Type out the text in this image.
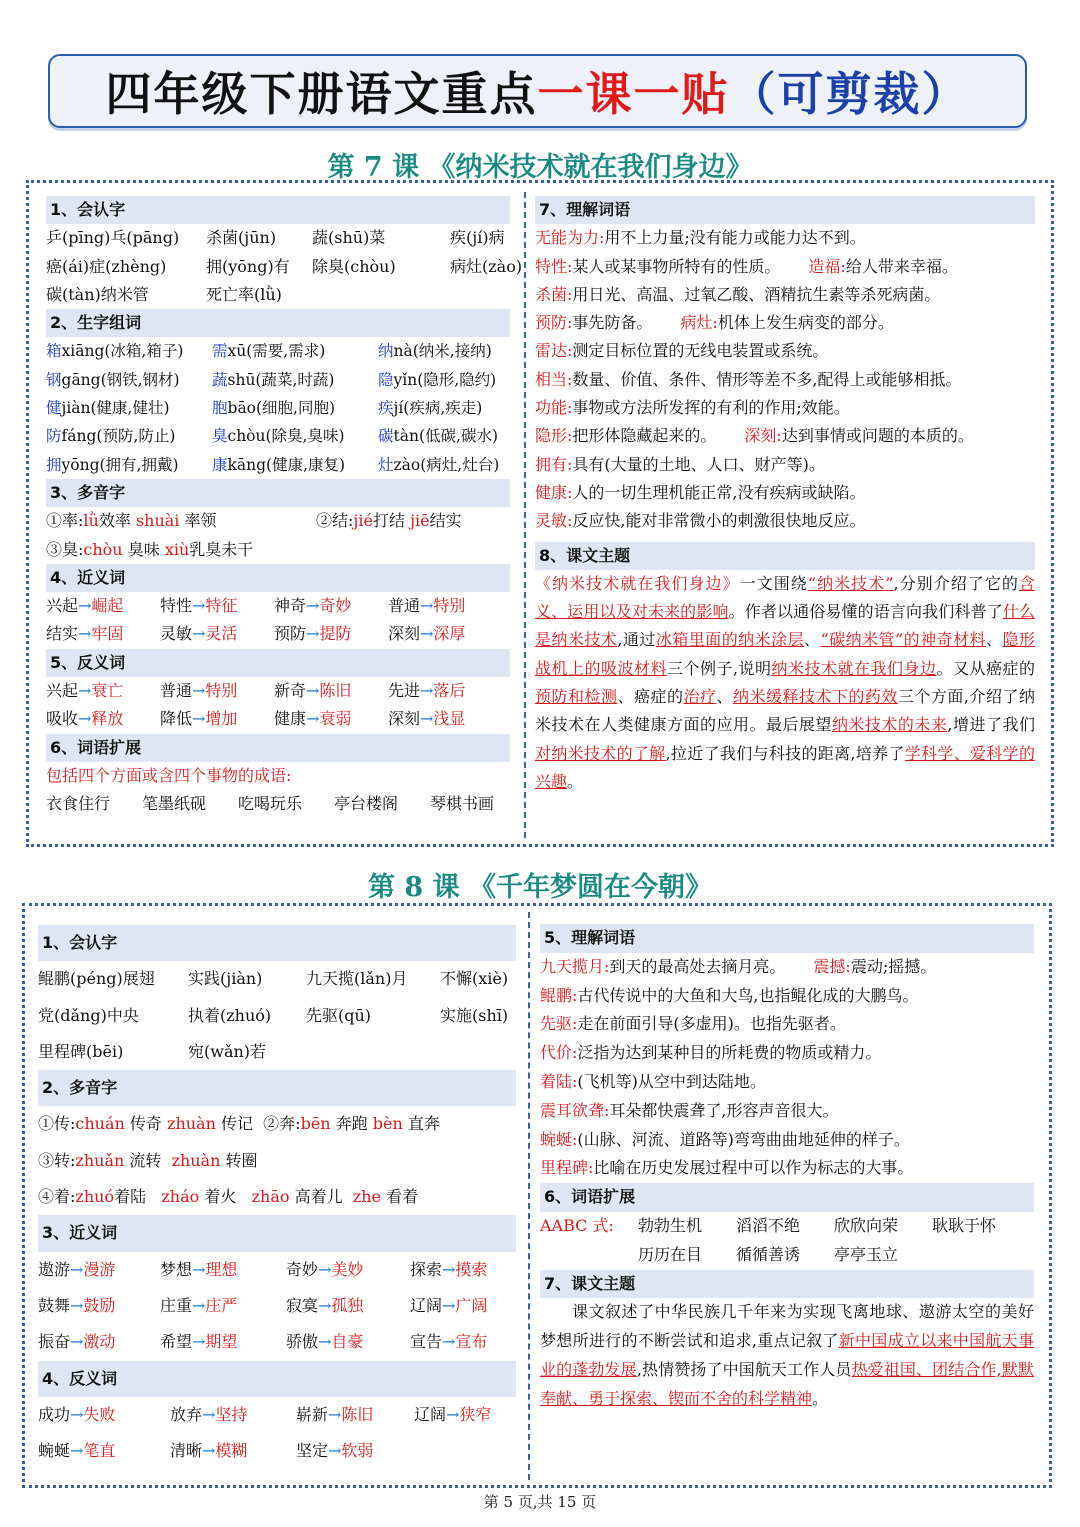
四年级下册语文重点 一课一贴 （可剪裁）
第 7 课 《纳米技术就在我们身边》
1、会认字
乒(pīng)乓(pāng)	杀菌(jūn)	蔬(shū)菜	疾(jí)病
癌(ái)症(zhèng)	拥(yōng)有	除臭(chòu)	病灶(zào)
碳(tàn)纳米管	死亡率(lǜ)
2、生字组词
箱xiāng(冰箱,箱子)	需xū(需要,需求)	纳nà(纳米,接纳)
钢gāng(钢铁,钢材)	蔬shū(蔬菜,时蔬)	隐yǐn(隐形,隐约)
健jiàn(健康,健壮)	胞bāo(细胞,同胞)	疾jí(疾病,疾走)
防fáng(预防,防止)	臭chòu(除臭,臭味)	碳tàn(低碳,碳水)
拥yōng(拥有,拥戴)	康kāng(健康,康复)	灶zào(病灶,灶台)
3、多音字
①率:lǜ效率 shuài 率领	②结:jié打结 jiē结实
③臭:chòu 臭味 xiù乳臭未干
4、近义词
兴起→崛起	特性→特征	神奇→奇妙	普通→特别
结实→牢固	灵敏→灵活	预防→提防	深刻→深厚
5、反义词
兴起→衰亡	普通→特别	新奇→陈旧	先进→落后
吸收→释放	降低→增加	健康→衰弱	深刻→浅显
6、词语扩展
包括四个方面或含四个事物的成语:
衣食住行	笔墨纸砚	吃喝玩乐	亭台楼阁	琴棋书画
7、理解词语
无能为力: 用不上力量;没有能力或能力达不到。
特性: 某人或某事物所特有的性质。 造福: 给人带来幸福。
杀菌: 用日光、高温、过氧乙酸、酒精抗生素等杀死病菌。
预防: 事先防备。 病灶: 机体上发生病变的部分。
雷达: 测定目标位置的无线电装置或系统。
相当: 数量、价值、条件、情形等差不多,配得上或能够相抵。
功能: 事物或方法所发挥的有利的作用;效能。
隐形: 把形体隐藏起来的。 深刻: 达到事情或问题的本质的。
拥有: 具有(大量的土地、人口、财产等)。
健康: 人的一切生理机能正常,没有疾病或缺陷。
灵敏: 反应快,能对非常微小的刺激很快地反应。
8、课文主题
《纳米技术就在我们身边》一文围绕“纳米技术”,分别介绍了它的含义、运用以及对未来的影响。作者以通俗易懂的语言向我们科普了什么是纳米技术,通过冰箱里面的纳米涂层、“碳纳米管”的神奇材料、隐形战机上的吸波材料三个例子,说明纳米技术就在我们身边。又从癌症的预防和检测、癌症的治疗、纳米缓释技术下的药效三个方面,介绍了纳米技术在人类健康方面的应用。最后展望纳米技术的未来,增进了我们对纳米技术的了解,拉近了我们与科技的距离,培养了学科学、爱科学的兴趣。
第 8 课 《千年梦圆在今朝》
1、会认字
鲲鹏(péng)展翅	实践(jiàn)	九天揽(lǎn)月	不懈(xiè)
党(dǎng)中央	执着(zhuó)	先驱(qū)	实施(shī)
里程碑(bēi)	宛(wǎn)若
2、多音字
①传: chuán 传奇 zhuàn 传记 ②奔: bēn 奔跑 bèn 直奔
③转: zhuǎn 流转 zhuàn 转圈
④着: zhuó 着陆 zháo 着火 zhāo 高着儿 zhe 看着
3、近义词
遨游→漫游	梦想→理想	奇妙→美妙	探索→摸索
鼓舞→鼓励	庄重→庄严	寂寞→孤独	辽阔→广阔
振奋→激动	希望→期望	骄傲→自豪	宣告→宣布
4、反义词
成功→失败	放弃→坚持	崭新→陈旧	辽阔→狭窄
蜿蜒→笔直	清晰→模糊	坚定→软弱
5、理解词语
九天揽月: 到天的最高处去摘月亮。 震撼: 震动;摇撼。
鲲鹏: 古代传说中的大鱼和大鸟,也指鲲化成的大鹏鸟。
先驱: 走在前面引导(多虚用)。也指先驱者。
代价: 泛指为达到某种目的所耗费的物质或精力。
着陆: (飞机等)从空中到达陆地。
震耳欲聋: 耳朵都快震聋了,形容声音很大。
蜿蜒: (山脉、河流、道路等)弯弯曲曲地延伸的样子。
里程碑: 比喻在历史发展过程中可以作为标志的大事。
6、词语扩展
AABC 式:	勃勃生机	滔滔不绝	欣欣向荣	耿耿于怀
历历在目	循循善诱	亭亭玉立
7、课文主题
课文叙述了中华民族几千年来为实现飞离地球、遨游太空的美好梦想所进行的不断尝试和追求,重点记叙了新中国成立以来中国航天事业的蓬勃发展,热情赞扬了中国航天工作人员热爱祖国、团结合作,默默奉献、勇于探索、锲而不舍的科学精神。
第 5 页,共 15 页
